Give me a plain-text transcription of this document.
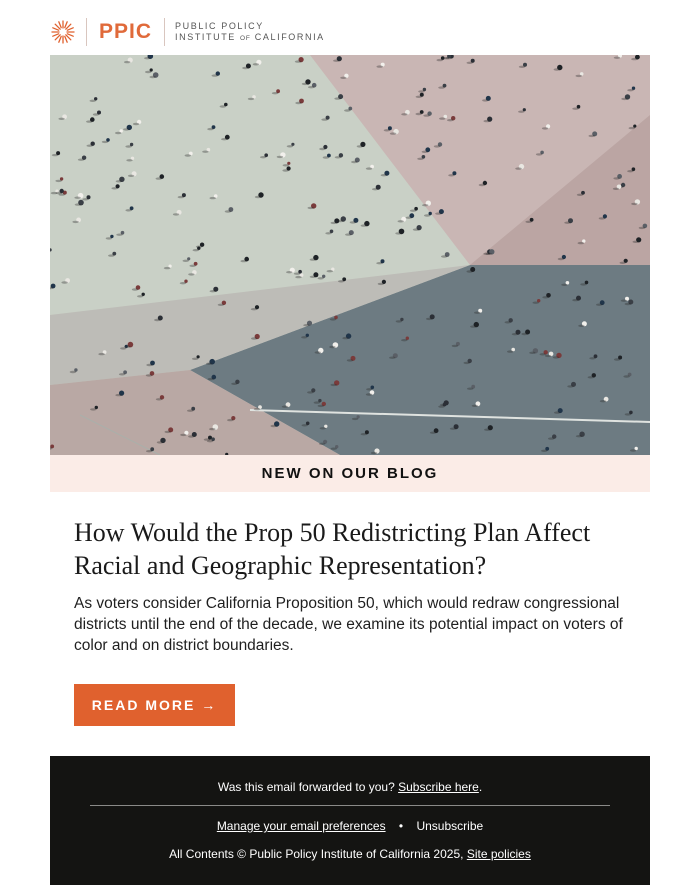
PPIC	PUBLIC POLICY
INSTITUTE OF CALIFORNIA
NEW ON OUR BLOG
How Would the Prop 50 Redistricting Plan Affect Racial and Geographic Representation?

As voters consider California Proposition 50, which would redraw congressional districts until the end of the decade, we examine its potential impact on voters of color and on district boundaries.

READ MORE →
Was this email forwarded to you? Subscribe here.
Manage your email preferences • Unsubscribe
All Contents © Public Policy Institute of California 2025, Site policies
